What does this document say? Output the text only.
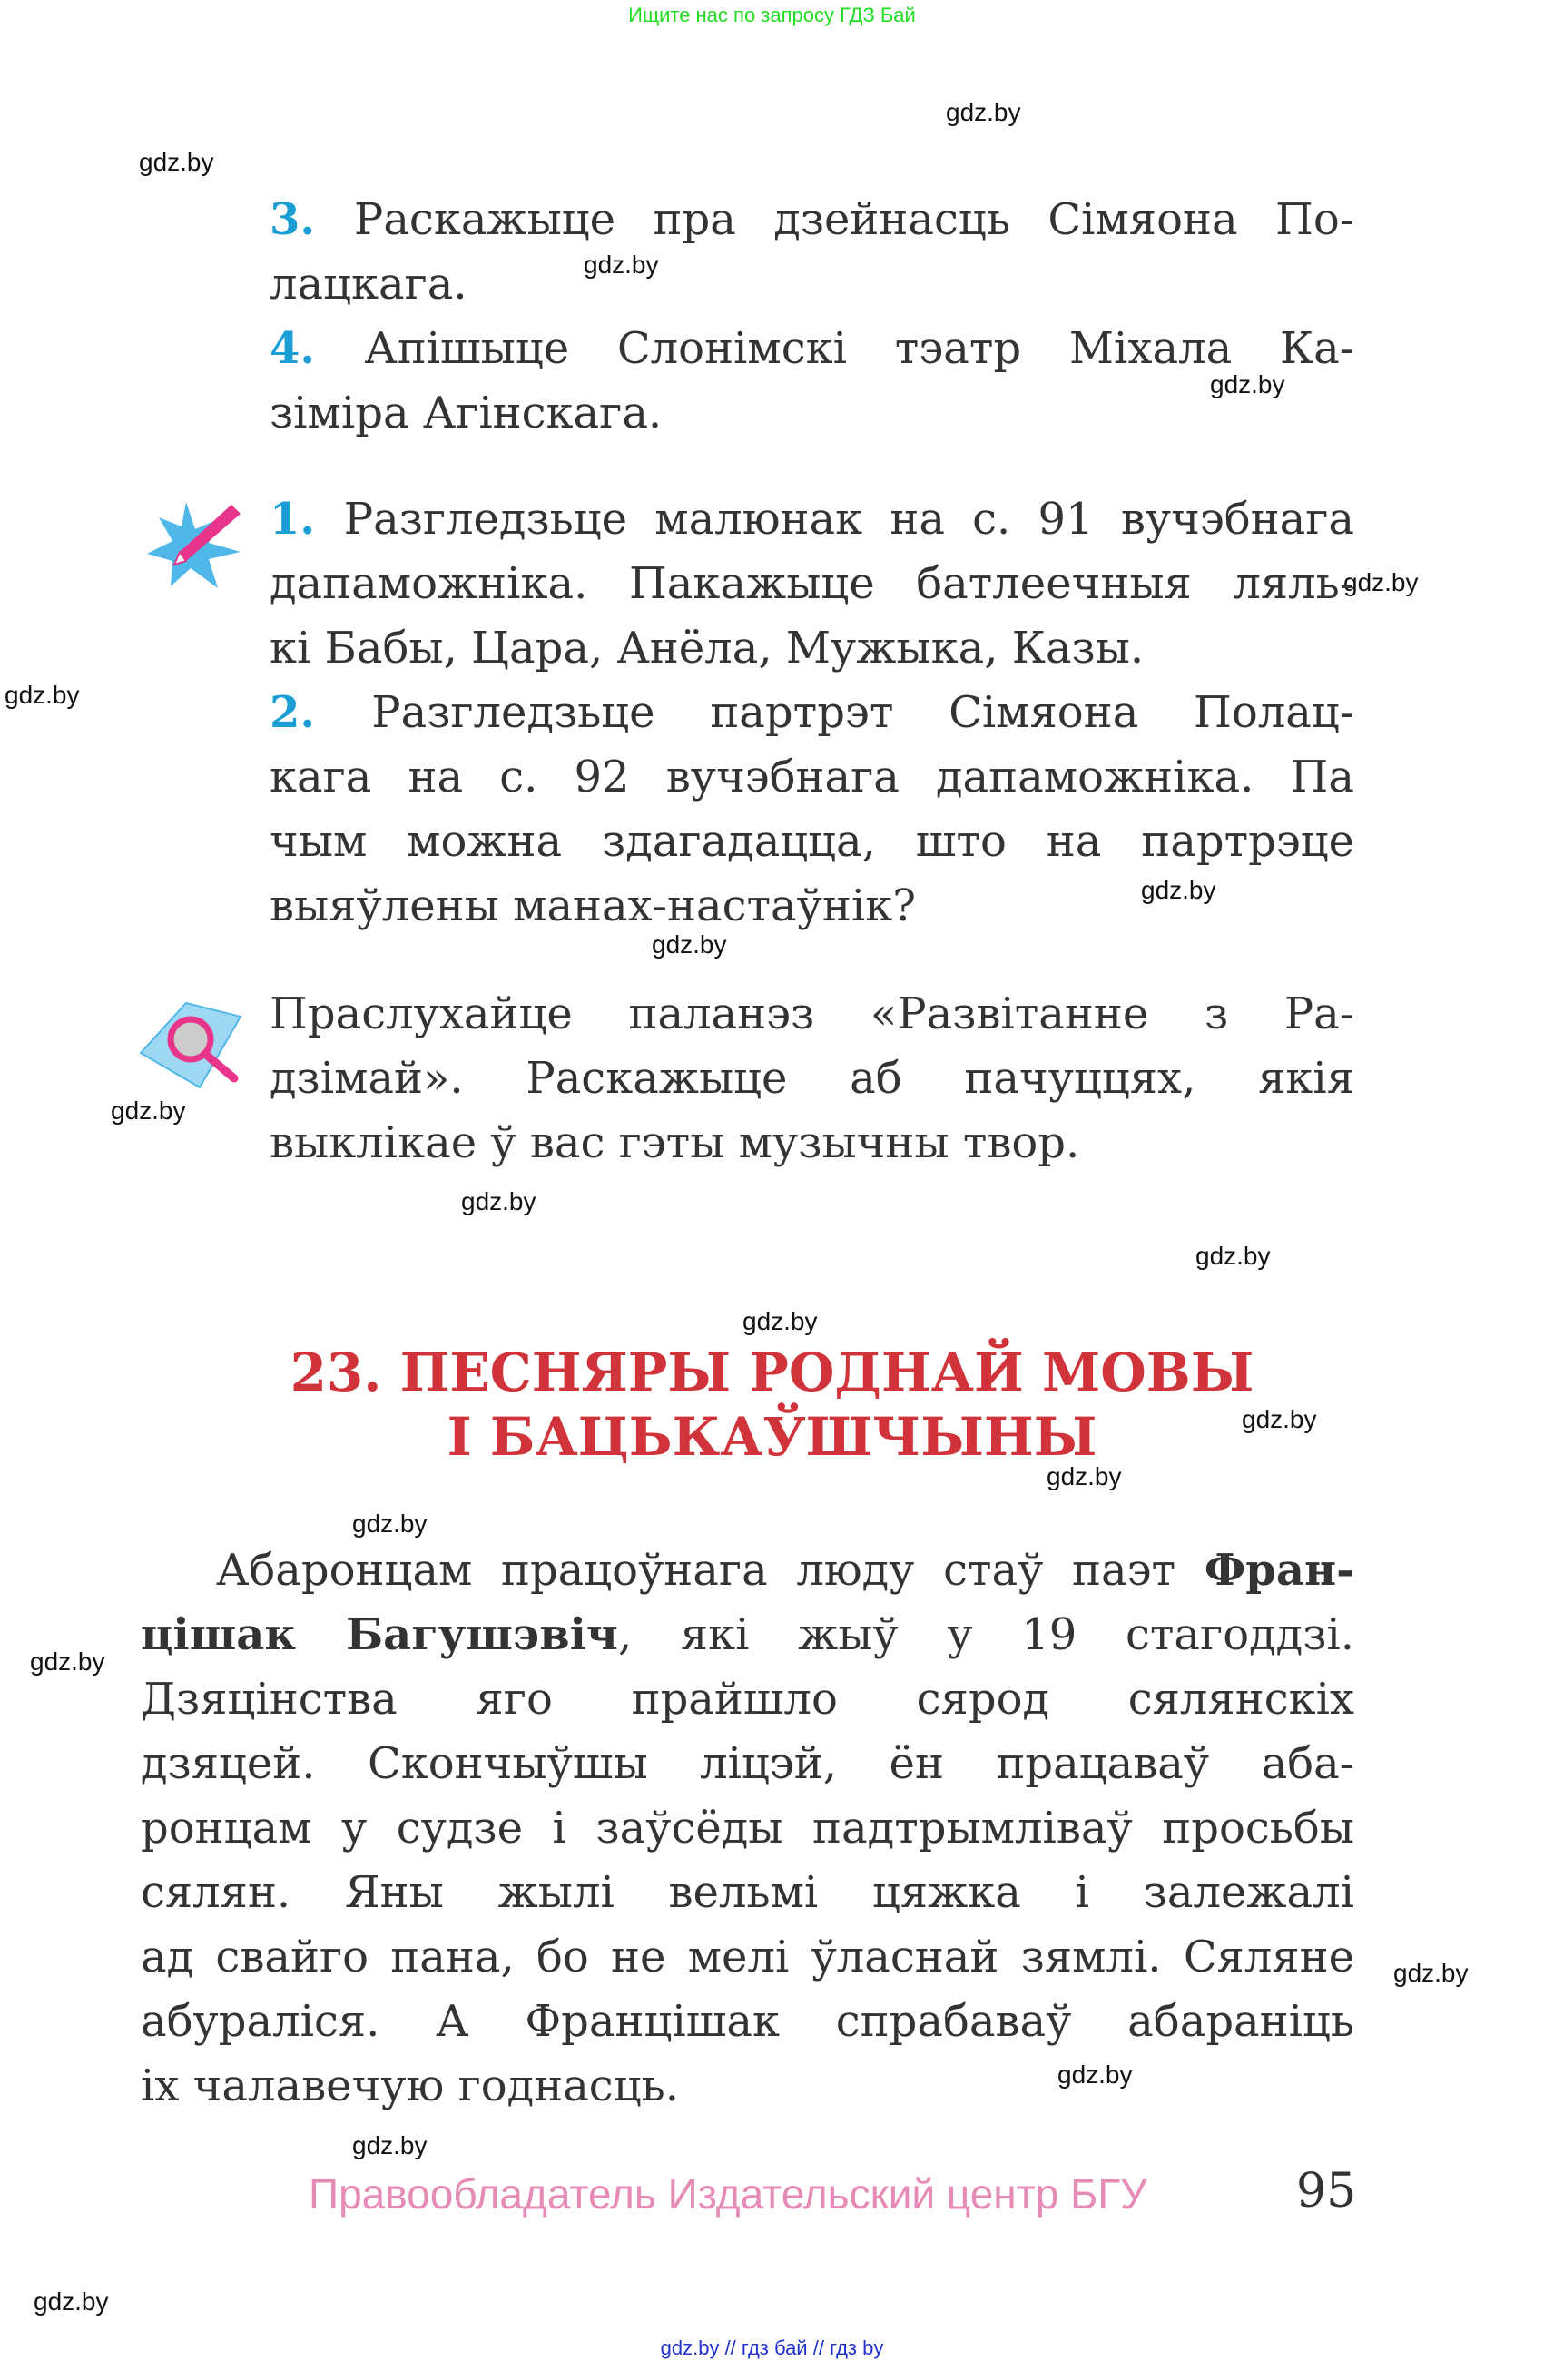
Ищите нас по запросу ГДЗ Бай
gdz.by
gdz.by
gdz.by
gdz.by
gdz.by
gdz.by
gdz.by
gdz.by
gdz.by
gdz.by
gdz.by
gdz.by
gdz.by
gdz.by
gdz.by
gdz.by
gdz.by
gdz.by
gdz.by
gdz.by
3. Раскажыце пра дзейнасць Сімяона По-
лацкага.
4. Апішыце Слонімскі тэатр Міхала Ка-
зіміра Агінскага.
1. Разгледзьце малюнак на с. 91 вучэбнага
дапаможніка. Пакажыце батлеечныя ляль-
кі Бабы, Цара, Анёла, Мужыка, Казы.
2. Разгледзьце партрэт Сімяона Полац-
кага на с. 92 вучэбнага дапаможніка. Па
чым можна здагадацца, што на партрэце
выяўлены манах-настаўнік?
Праслухайце паланэз «Развітанне з Ра-
дзімай». Раскажыце аб пачуццях, якія
выклікае ў вас гэты музычны твор.
Абаронцам працоўнага люду стаў паэт Фран-
цішак Багушэвіч, які жыў у 19 стагоддзі.
Дзяцінства яго прайшло сярод сялянскіх
дзяцей. Скончыўшы ліцэй, ён працаваў аба-
ронцам у судзе і заўсёды падтрымліваў просьбы
сялян. Яны жылі вельмі цяжка і залежалі
ад свайго пана, бо не мелі ўласнай зямлі. Сяляне
абураліся. А Францішак спрабаваў абараніць
іх чалавечую годнасць.
23. ПЕСНЯРЫ РОДНАЙ МОВЫ
І БАЦЬКАЎШЧЫНЫ
Правообладатель Издательский центр БГУ	95
gdz.by // гдз бай // гдз by
